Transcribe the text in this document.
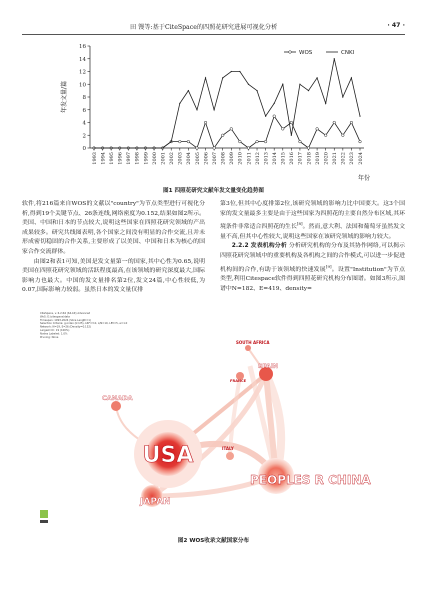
田 馒等:基于CiteSpace的四照花研究进展可视化分析	· 47 ·
0
2
4
6
8
10
12
14
16
1993 1994 1995 1996 1997 1998 1999 2000 2001 2002 2003 2004 2005 2006 2007 2008 2009 2010 2011 2012 2013 2014 2015 2016 2017 2018 2019 2020 2021 2022 2023 2024
年发文量/篇
年份
WOS	CNKI
图1 四照花研究文献年发文量变化趋势图

软件,将216篇来自WOS的文献以"country"为节点类型进行可视化分析,得到19个关键节点、26条连线,网络密度为0.152,结果如图2所示。美国、中国和日本的节点较大,说明这些国家在四照花研究领域的产出成果较多。研究共线图表明,各个国家之间没有明显的合作交流,且并未形成密切稳固的合作关系,主要形成了以美国、中国和日本为核心的国家合作交流群体。

由图2和表1可知,美国是发文量第一的国家,其中心性为0.65,说明美国在四照花研究领域的活跃程度最高,在该领域的研究深度最大,国际影响力也最大。中国的发文量排名第2位,发文24篇,中心性较低,为0.07,国际影响力较弱。虽然日本的发文量仅排

第3位,但其中心度排第2位,该研究领域的影响力比中国要大。这3个国家的发文量最多主要是由于这些国家为四照花的主要自然分布区域,其环境条件非常适合四照花的生长[8]。然而,意大利、法国和葡萄牙虽然发文量不高,但其中心性较大,说明这些国家在该研究领域的影响力较大。

2.2.2 发表机构分析 分析研究机构的分布及其协作网络,可以揭示四照花研究领域中的重要机构及各机构之间的合作模式,可以进一步促进机构间的合作,有助于该领域的快速发展[9]。设置"Institution"为节点类型,利用Citespace软件得到四照花研究机构分布图谱。如图3所示,图谱中N=182、E=419、density=

CiteSpace, v. 6.2.R4 (64-bit) Advanced WoS: E:\citespace\data Timespan: 1993-2024 (Slice Length=1) Selection Criteria: g-index (k=25), LRF=3.0, L/N=10, LBY=5, e=1.0 Network: N=19, E=26 (Density=0.152) Largest CC: 19 (100%) Nodes Labeled: 1.0% Pruning: None
USA
PEOPLES R CHINA
JAPAN
CANADA
SPAIN
ITALY
SOUTH AFRICA
FRANCE
图2 WOS收录文献国家分布
